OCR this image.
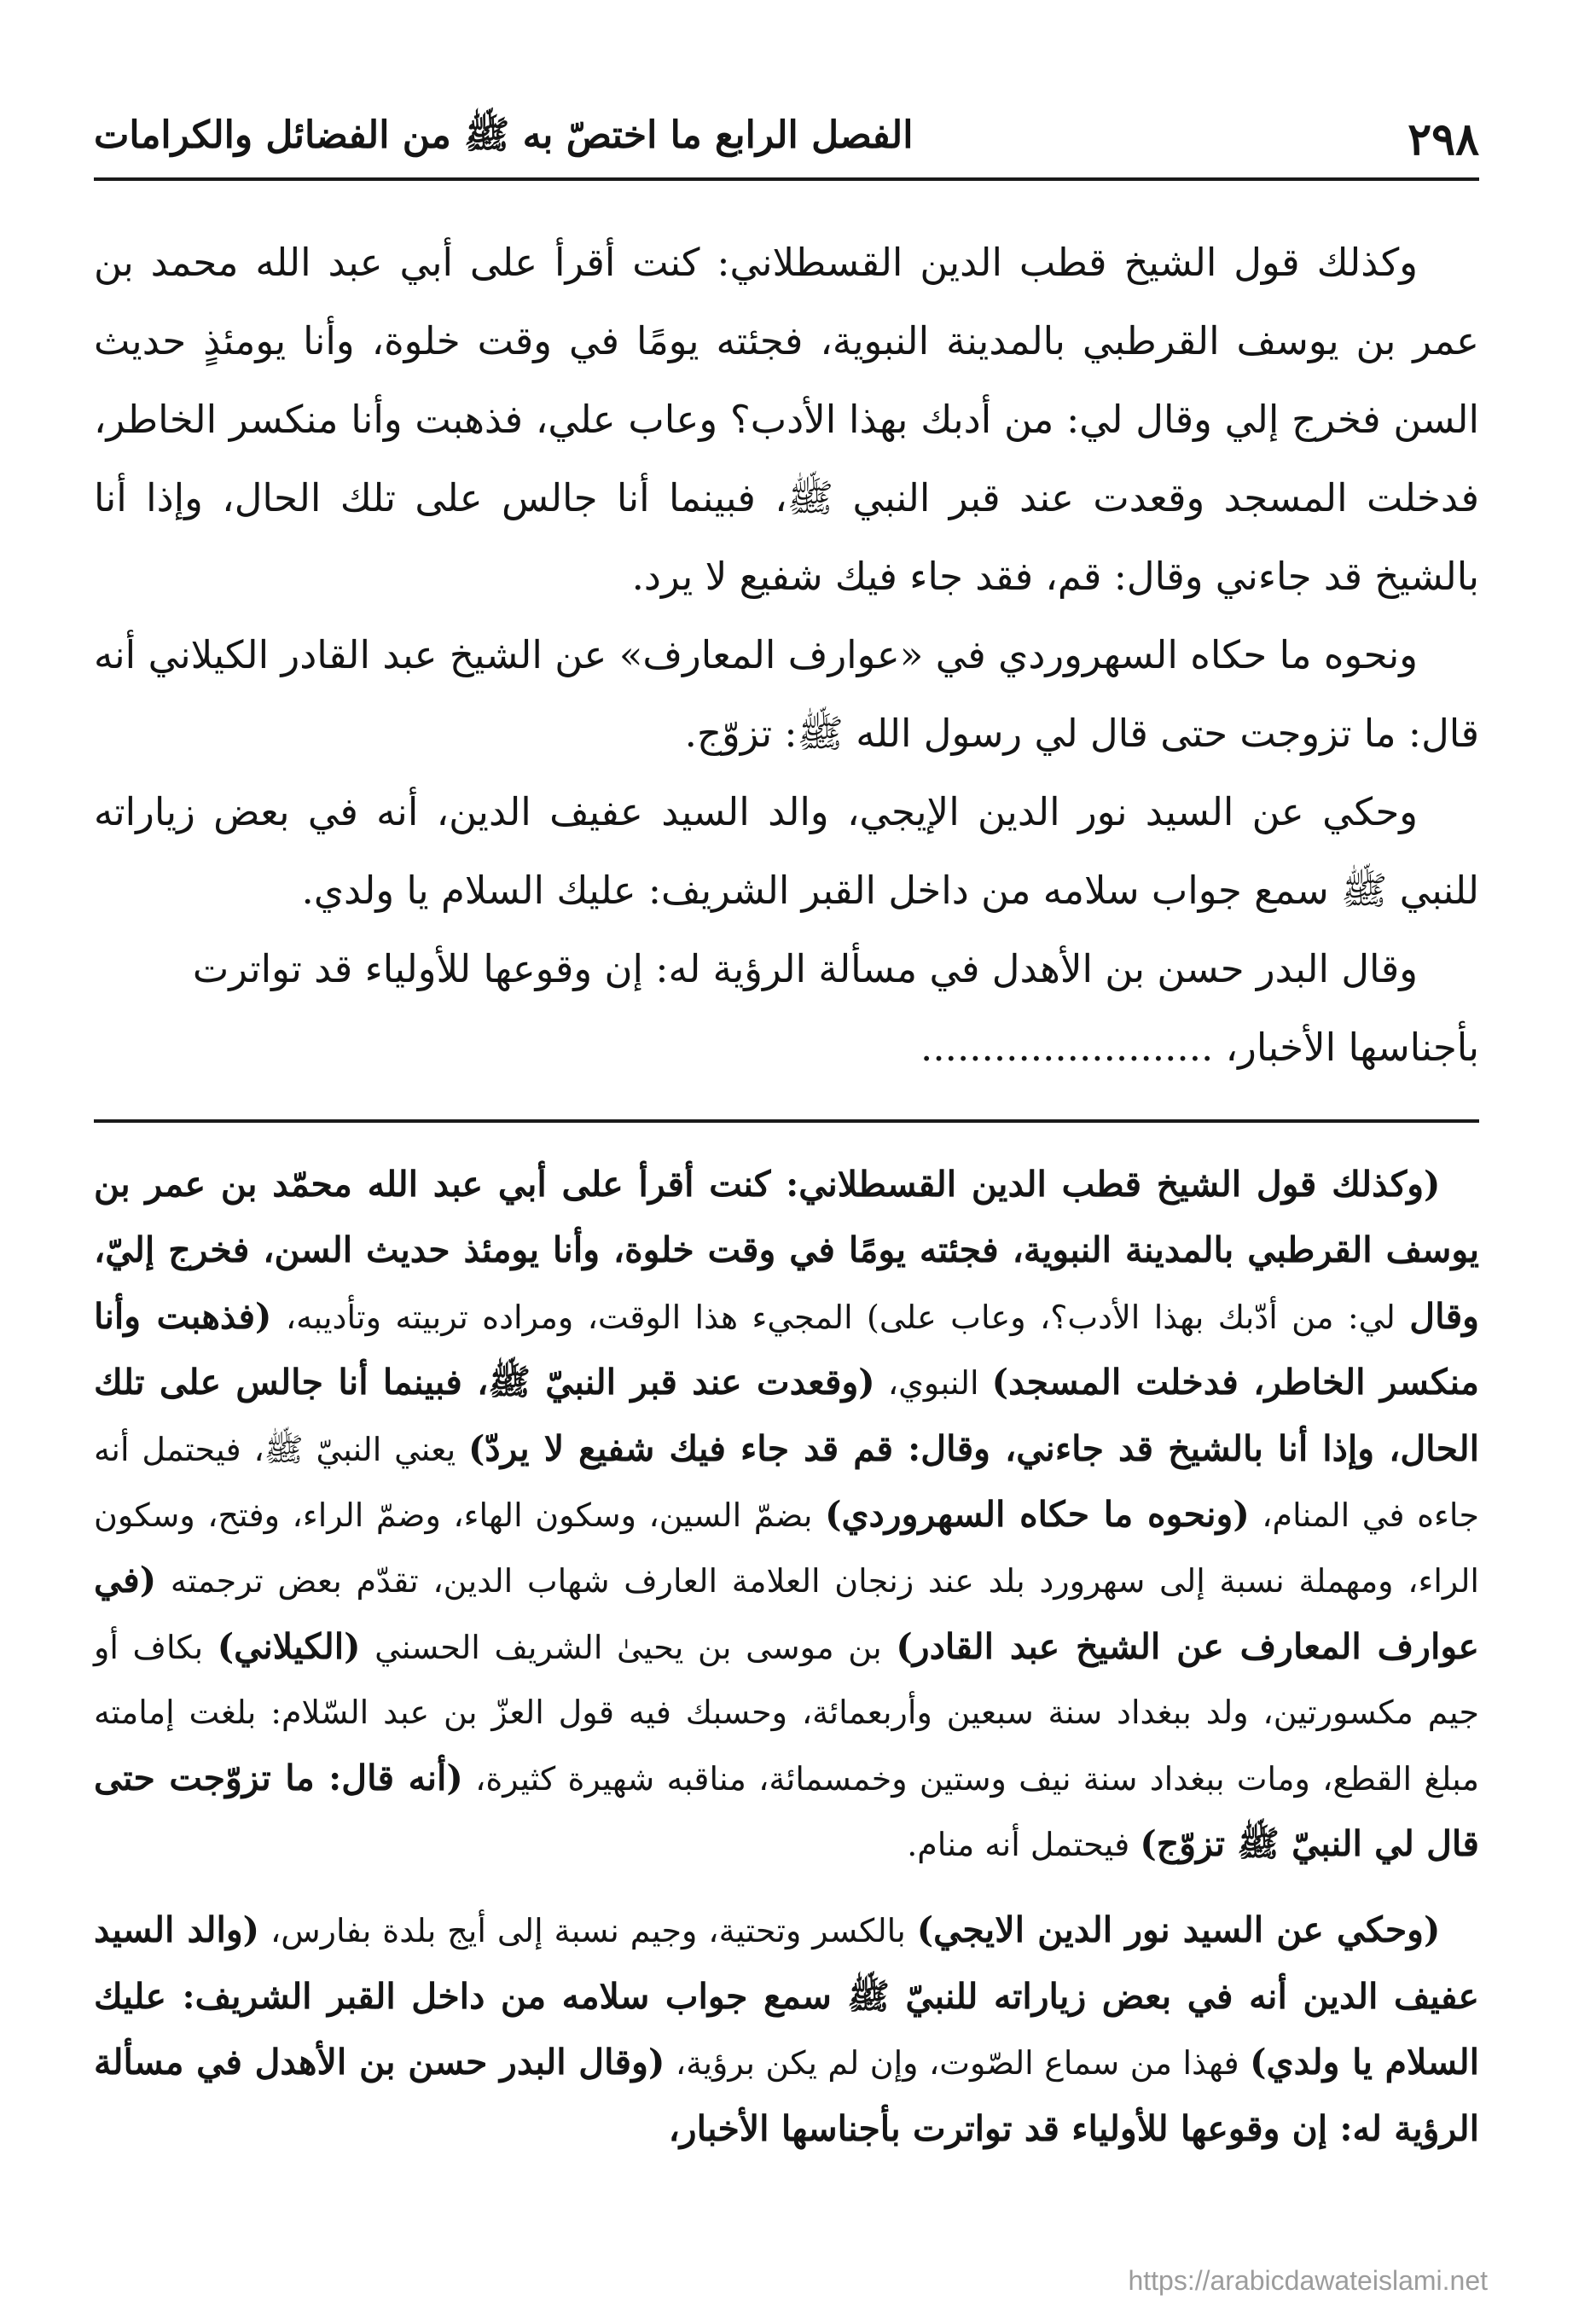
٢٩٨
الفصل الرابع ما اختصّ به ﷺ من الفضائل والكرامات

وكذلك قول الشيخ قطب الدين القسطلاني: كنت أقرأ على أبي عبد الله محمد بن عمر بن يوسف القرطبي بالمدينة النبوية، فجئته يومًا في وقت خلوة، وأنا يومئذٍ حديث السن فخرج إلي وقال لي: من أدبك بهذا الأدب؟ وعاب علي، فذهبت وأنا منكسر الخاطر، فدخلت المسجد وقعدت عند قبر النبي ﷺ، فبينما أنا جالس على تلك الحال، وإذا أنا بالشيخ قد جاءني وقال: قم، فقد جاء فيك شفيع لا يرد.

ونحوه ما حكاه السهروردي في «عوارف المعارف» عن الشيخ عبد القادر الكيلاني أنه قال: ما تزوجت حتى قال لي رسول الله ﷺ: تزوّج.

وحكي عن السيد نور الدين الإيجي، والد السيد عفيف الدين، أنه في بعض زياراته للنبي ﷺ سمع جواب سلامه من داخل القبر الشريف: عليك السلام يا ولدي.

وقال البدر حسن بن الأهدل في مسألة الرؤية له: إن وقوعها للأولياء قد تواترت بأجناسها الأخبار، ........................

(وكذلك قول الشيخ قطب الدين القسطلاني: كنت أقرأ على أبي عبد الله محمّد بن عمر بن يوسف القرطبي بالمدينة النبوية، فجئته يومًا في وقت خلوة، وأنا يومئذ حديث السن، فخرج إليّ، وقال لي: من أدّبك بهذا الأدب؟، وعاب على) المجيء هذا الوقت، ومراده تربيته وتأديبه، (فذهبت وأنا منكسر الخاطر، فدخلت المسجد) النبوي، (وقعدت عند قبر النبيّ ﷺ، فبينما أنا جالس على تلك الحال، وإذا أنا بالشيخ قد جاءني، وقال: قم قد جاء فيك شفيع لا يردّ) يعني النبيّ ﷺ، فيحتمل أنه جاءه في المنام، (ونحوه ما حكاه السهروردي) بضمّ السين، وسكون الهاء، وضمّ الراء، وفتح، وسكون الراء، ومهملة نسبة إلى سهرورد بلد عند زنجان العلامة العارف شهاب الدين، تقدّم بعض ترجمته (في عوارف المعارف عن الشيخ عبد القادر) بن موسى بن يحيىٰ الشريف الحسني (الكيلاني) بكاف أو جيم مكسورتين، ولد ببغداد سنة سبعين وأربعمائة، وحسبك فيه قول العزّ بن عبد السّلام: بلغت إمامته مبلغ القطع، ومات ببغداد سنة نيف وستين وخمسمائة، مناقبه شهيرة كثيرة، (أنه قال: ما تزوّجت حتى قال لي النبيّ ﷺ تزوّج) فيحتمل أنه منام.

(وحكي عن السيد نور الدين الايجي) بالكسر وتحتية، وجيم نسبة إلى أيج بلدة بفارس، (والد السيد عفيف الدين أنه في بعض زياراته للنبيّ ﷺ سمع جواب سلامه من داخل القبر الشريف: عليك السلام يا ولدي) فهذا من سماع الصّوت، وإن لم يكن برؤية، (وقال البدر حسن بن الأهدل في مسألة الرؤية له: إن وقوعها للأولياء قد تواترت بأجناسها الأخبار،

https://arabicdawateislami.net
